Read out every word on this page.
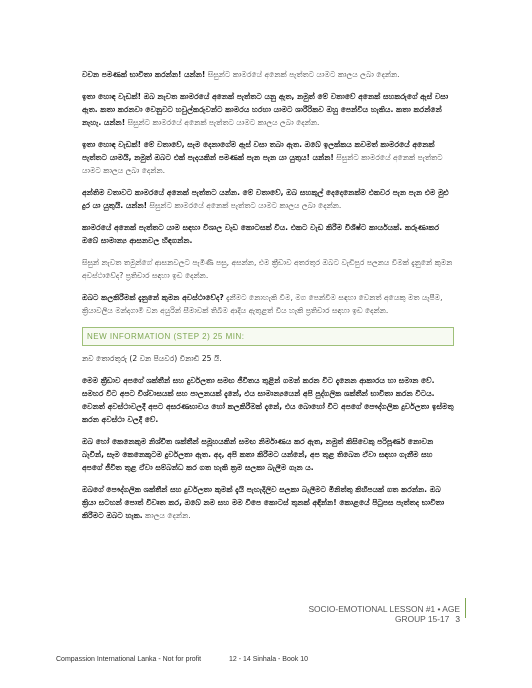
වචන පමණක් භාවිතා කරන්න! යන්න! සිසුන්ට කාමරයේ අනෙක් පැත්තට යාමට කාලය ලබා දෙන්න.

ඉතා හොඳ වැඩක්! ඔබ නැවත කාමරයේ අනෙක් පැත්තට යනු ඇත, නමුත් මේ වතාවේ අනෙක් සහකරුගේ ඇස් වසා ඇත. කතා කරනවා වෙනුවට හවුල්කරුවන්ට කාමරය හරහා යාමට ශාරීරිකව ඔහු පෙන්විය හැකිය. කතා කරන්නේ නැහැ. යන්න! සිසුන්ට කාමරයේ අනෙක් පැත්තට යාමට කාලය ලබා දෙන්න.

ඉතා හොඳ වැඩක්! මේ වතාවේ, සෑම දෙනාගේම ඇස් වසා තබා ඇත. ඔබේ ඉලක්කය කවමත් කාමරයේ අනෙක් පැත්තට යාමයි, නමුත් ඔබට එක් පැදයකින් පමණක් පැන පැන යා යුතුය! යන්න! සිසුන්ට කාමරයේ අනෙක් පැත්තට යාමට කාලය ලබා දෙන්න.

අන්තිම වතාවට කාමරයේ අනෙක් පැත්තට යන්න. මේ වතාවේ, ඔබ සහකුල් දෙදෙනෙක්ම එකවර පැන පැන එම මුළු දුර යා යුතුයි. යන්න! සිසුන්ට කාමරයේ අනෙක් පැත්තට යාමට කාලය ලබා දෙන්න.

කාමරයේ අනෙක් පැත්තට යාම සඳහා විශාල වැඩ කොටසක් විය. එකට වැඩ කිරීම විශිෂ්ට කාර්යයක්. කරුණාකර ඔබේ සාමාන්‍ය ආසනවල හිඳගන්න.

සිසුන් නැවත තමුන්ගේ ආසනවලට පැමිණි පසු, අසන්න, එම ක්‍රීඩාව අතරතුර ඔබට වැඩිපුර පලනය වීමක් දැනුනේ කුමන අවස්ථාවේද? ප්‍රතිචාර සඳහා ඉඩ දෙන්න.

ඔබට කලකිරීමක් දැනුනේ කුමන අවස්ථාවේද? දැනීමට නොහැකි වීම, මග පෙන්වීම සඳහා වෙනත් අයෙකු මත යැපීම, ක්‍රියාවලිය මන්දගාමී වන අයුරින් සීමාවක් තිබීම ආදිය ඇතුළත් විය හැකි ප්‍රතිචාර සඳහා ඉඩ දෙන්න.

NEW INFORMATION (STEP 2) 25 MIN:

නව තොරතුරු (2 වන පියවර) විනාඩි 25 යි.

මෙම ක්‍රීඩාව අපගේ ශක්තීන් සහ දුර්වලතා සමඟ ජීවිතය තුළින් ගමන් කරන විට දැනෙන ආකාරය හා සමාන වේ. සමහර විට අපට විශ්වාසයක් සහ පාලනයක් දැනේ, එය සාමාන්‍යයෙන් අපි පුද්ගලික ශක්තීන් භාවිතා කරන විටය. වෙනත් අවස්ථාවලදී අපට අසරණභාවය හෝ කලකිරීමක් දැනේ, එය බොහෝ විට අපගේ පෞද්ගලික දුර්වලතා ඉස්මතු කරන අවස්ථා වලදී වේ.

ඔබ හෝ කෙනෙකුම නිශ්චිත ශක්තීන් සමූහයකින් සමඟ නිර්මාණය කර ඇත, නමුත් කිසිවෙකු පරිපූර්ණ නොවන බැවින්, සෑම කෙනෙකුටම දුර්වලතා ඇත. අද, අපි කතා කිරීමට යන්නේ, අප තුළ තිබෙන ඒවා සඳහා ගැනීම සහ අපගේ ජීවිත තුළ ඒවා සම්බන්ධ කර ගත හැකි ක්‍රම සලකා බැලීම ගැන ය.

ඔබගේ පෞද්ගලික ශක්තීන් සහ දුර්වලතා කුමක් දැයි පැහැදිලිව සලකා බැලීමට මිනිත්තු කිහිපයක් ගත කරන්න. ඔබ ක්‍රියා සටහන් පොත් විවෘත කර, ඔබේ නම සහ මම වීපෙ කොටස් තුනක් අඳින්න! කොළයේ පිටුපස පැත්තද භාවිතා කිරීමට ඔබට හැක. කාලය දෙන්න.

SOCIO-EMOTIONAL LESSON #1 • AGE GROUP 15-17 3
Compassion International Lanka - Not for profit	12 - 14 Sinhala - Book 10
